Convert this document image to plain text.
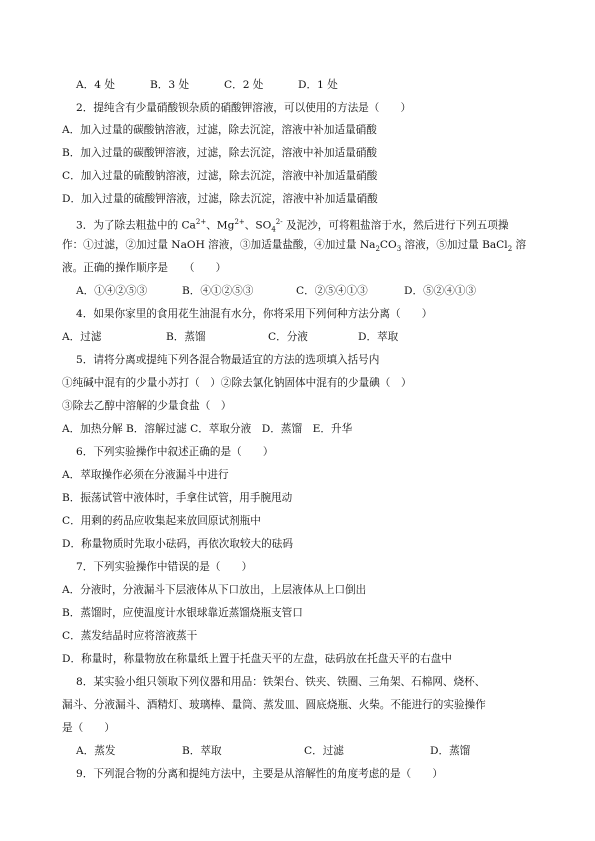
A．4 处	B．3 处	C．2 处	D．1 处
2．提纯含有少量硝酸钡杂质的硝酸钾溶液，可以使用的方法是（　　）
A．加入过量的碳酸钠溶液，过滤，除去沉淀，溶液中补加适量硝酸
B．加入过量的碳酸钾溶液，过滤，除去沉淀，溶液中补加适量硝酸
C．加入过量的硫酸钠溶液，过滤，除去沉淀，溶液中补加适量硝酸
D．加入过量的硫酸钾溶液，过滤，除去沉淀，溶液中补加适量硝酸
3．为了除去粗盐中的 $Ca^{2+}$、$Mg^{2+}$、$SO_4^{2-}$ 及泥沙，可将粗盐溶于水，然后进行下列五项操
作：①过滤，②加过量 NaOH 溶液，③加适量盐酸，④加过量 $Na_2CO_3$ 溶液，⑤加过量 BaCl$_2$ 溶
液。正确的操作顺序是　　（　　）
A．①④②⑤③	B．④①②⑤③	C．②⑤④①③	D．⑤②④①③
4．如果你家里的食用花生油混有水分，你将采用下列何种方法分离（　　）
A．过滤	B．蒸馏	C．分液	D．萃取
5．请将分离或提纯下列各混合物最适宜的方法的选项填入括号内
①纯碱中混有的少量小苏打（　）②除去氯化钠固体中混有的少量碘（　）
③除去乙醇中溶解的少量食盐（　）
A．加热分解 B．溶解过滤 C．萃取分液　D．蒸馏　E．升华
6．下列实验操作中叙述正确的是（　　）
A．萃取操作必须在分液漏斗中进行
B．振荡试管中液体时，手拿住试管，用手腕甩动
C．用剩的药品应收集起来放回原试剂瓶中
D．称量物质时先取小砝码，再依次取较大的砝码
7．下列实验操作中错误的是（　　）
A．分液时，分液漏斗下层液体从下口放出，上层液体从上口倒出
B．蒸馏时，应使温度计水银球靠近蒸馏烧瓶支管口
C．蒸发结晶时应将溶液蒸干
D．称量时，称量物放在称量纸上置于托盘天平的左盘，砝码放在托盘天平的右盘中
8．某实验小组只领取下列仪器和用品：铁架台、铁夹、铁圈、三角架、石棉网、烧杯、
漏斗、分液漏斗、酒精灯、玻璃棒、量筒、蒸发皿、圆底烧瓶、火柴。不能进行的实验操作
是（　　）
A．蒸发	B．萃取	C．过滤	D．蒸馏
9．下列混合物的分离和提纯方法中，主要是从溶解性的角度考虑的是（　　）
